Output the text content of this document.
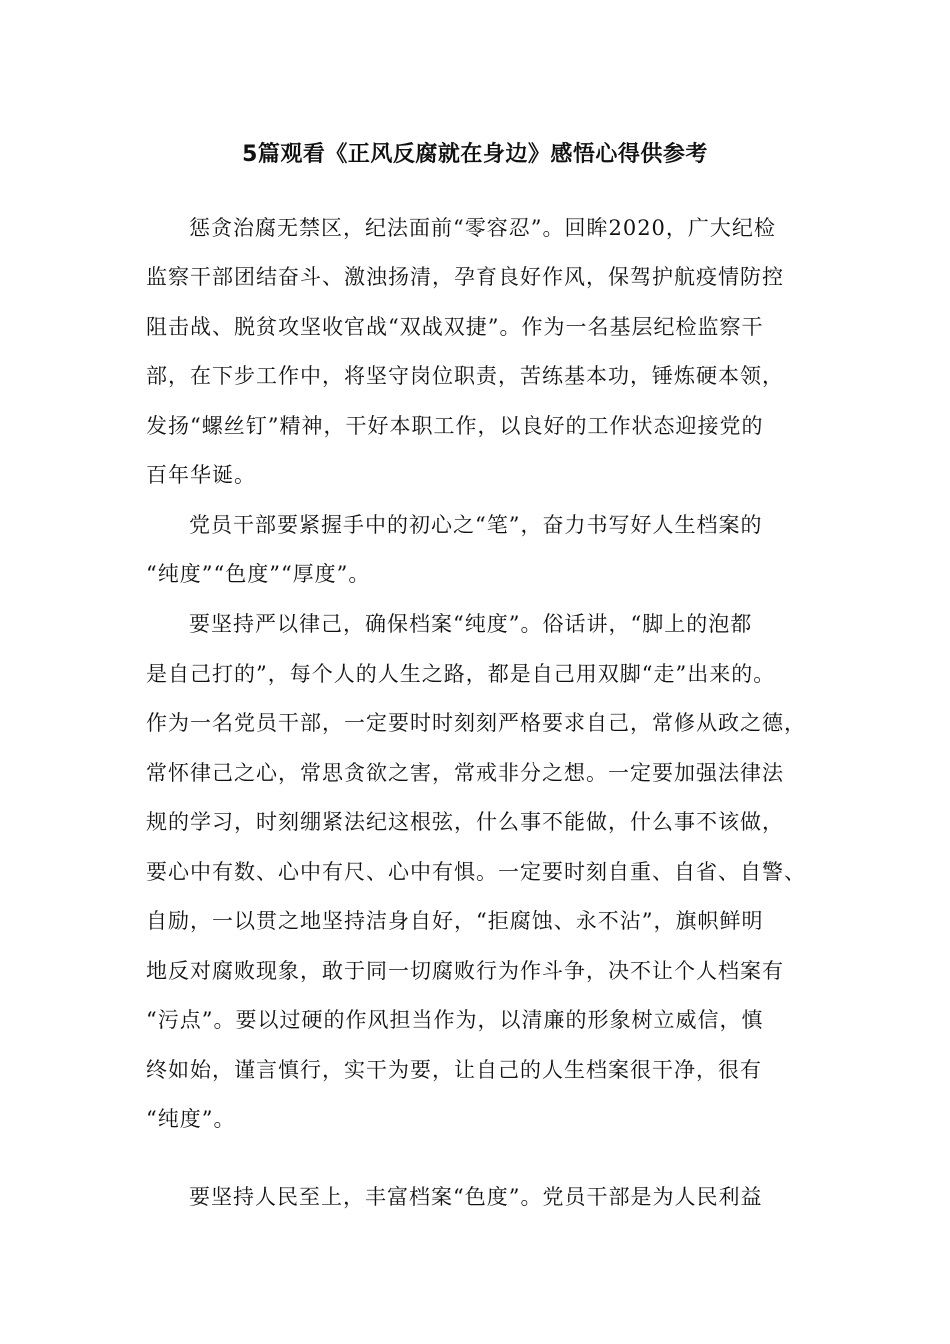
5篇观看《正风反腐就在身边》感悟心得供参考
惩贪治腐无禁区，纪法面前“零容忍”。回眸2020，广大纪检
监察干部团结奋斗、激浊扬清，孕育良好作风，保驾护航疫情防控
阻击战、脱贫攻坚收官战“双战双捷”。作为一名基层纪检监察干
部，在下步工作中，将坚守岗位职责，苦练基本功，锤炼硬本领，
发扬“螺丝钉”精神，干好本职工作，以良好的工作状态迎接党的
百年华诞。
党员干部要紧握手中的初心之“笔”，奋力书写好人生档案的
“纯度”“色度”“厚度”。
要坚持严以律己，确保档案“纯度”。俗话讲，“脚上的泡都
是自己打的”，每个人的人生之路，都是自己用双脚“走”出来的。
作为一名党员干部，一定要时时刻刻严格要求自己，常修从政之德，
常怀律己之心，常思贪欲之害，常戒非分之想。一定要加强法律法
规的学习，时刻绷紧法纪这根弦，什么事不能做，什么事不该做，
要心中有数、心中有尺、心中有惧。一定要时刻自重、自省、自警、
自励，一以贯之地坚持洁身自好，“拒腐蚀、永不沾”，旗帜鲜明
地反对腐败现象，敢于同一切腐败行为作斗争，决不让个人档案有
“污点”。要以过硬的作风担当作为，以清廉的形象树立威信，慎
终如始，谨言慎行，实干为要，让自己的人生档案很干净，很有
“纯度”。
要坚持人民至上，丰富档案“色度”。党员干部是为人民利益
